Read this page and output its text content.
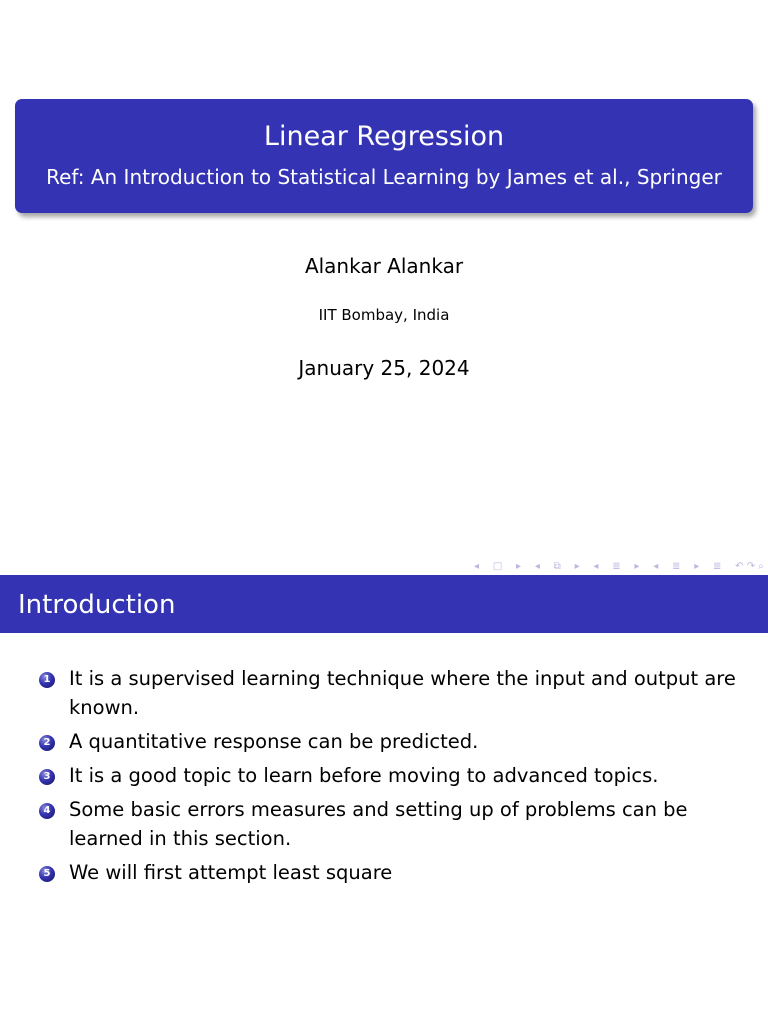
Linear Regression
Ref: An Introduction to Statistical Learning by James et al., Springer
Alankar Alankar
IIT Bombay, India
January 25, 2024
◂ □ ▸ ◂ ⧉ ▸ ◂ ≣ ▸ ◂ ≣ ▸ ≣ ↶ ↷ ⌕
Introduction
1 It is a supervised learning technique where the input and output are known.
2 A quantitative response can be predicted.
3 It is a good topic to learn before moving to advanced topics.
4 Some basic errors measures and setting up of problems can be learned in this section.
5 We will first attempt least square
